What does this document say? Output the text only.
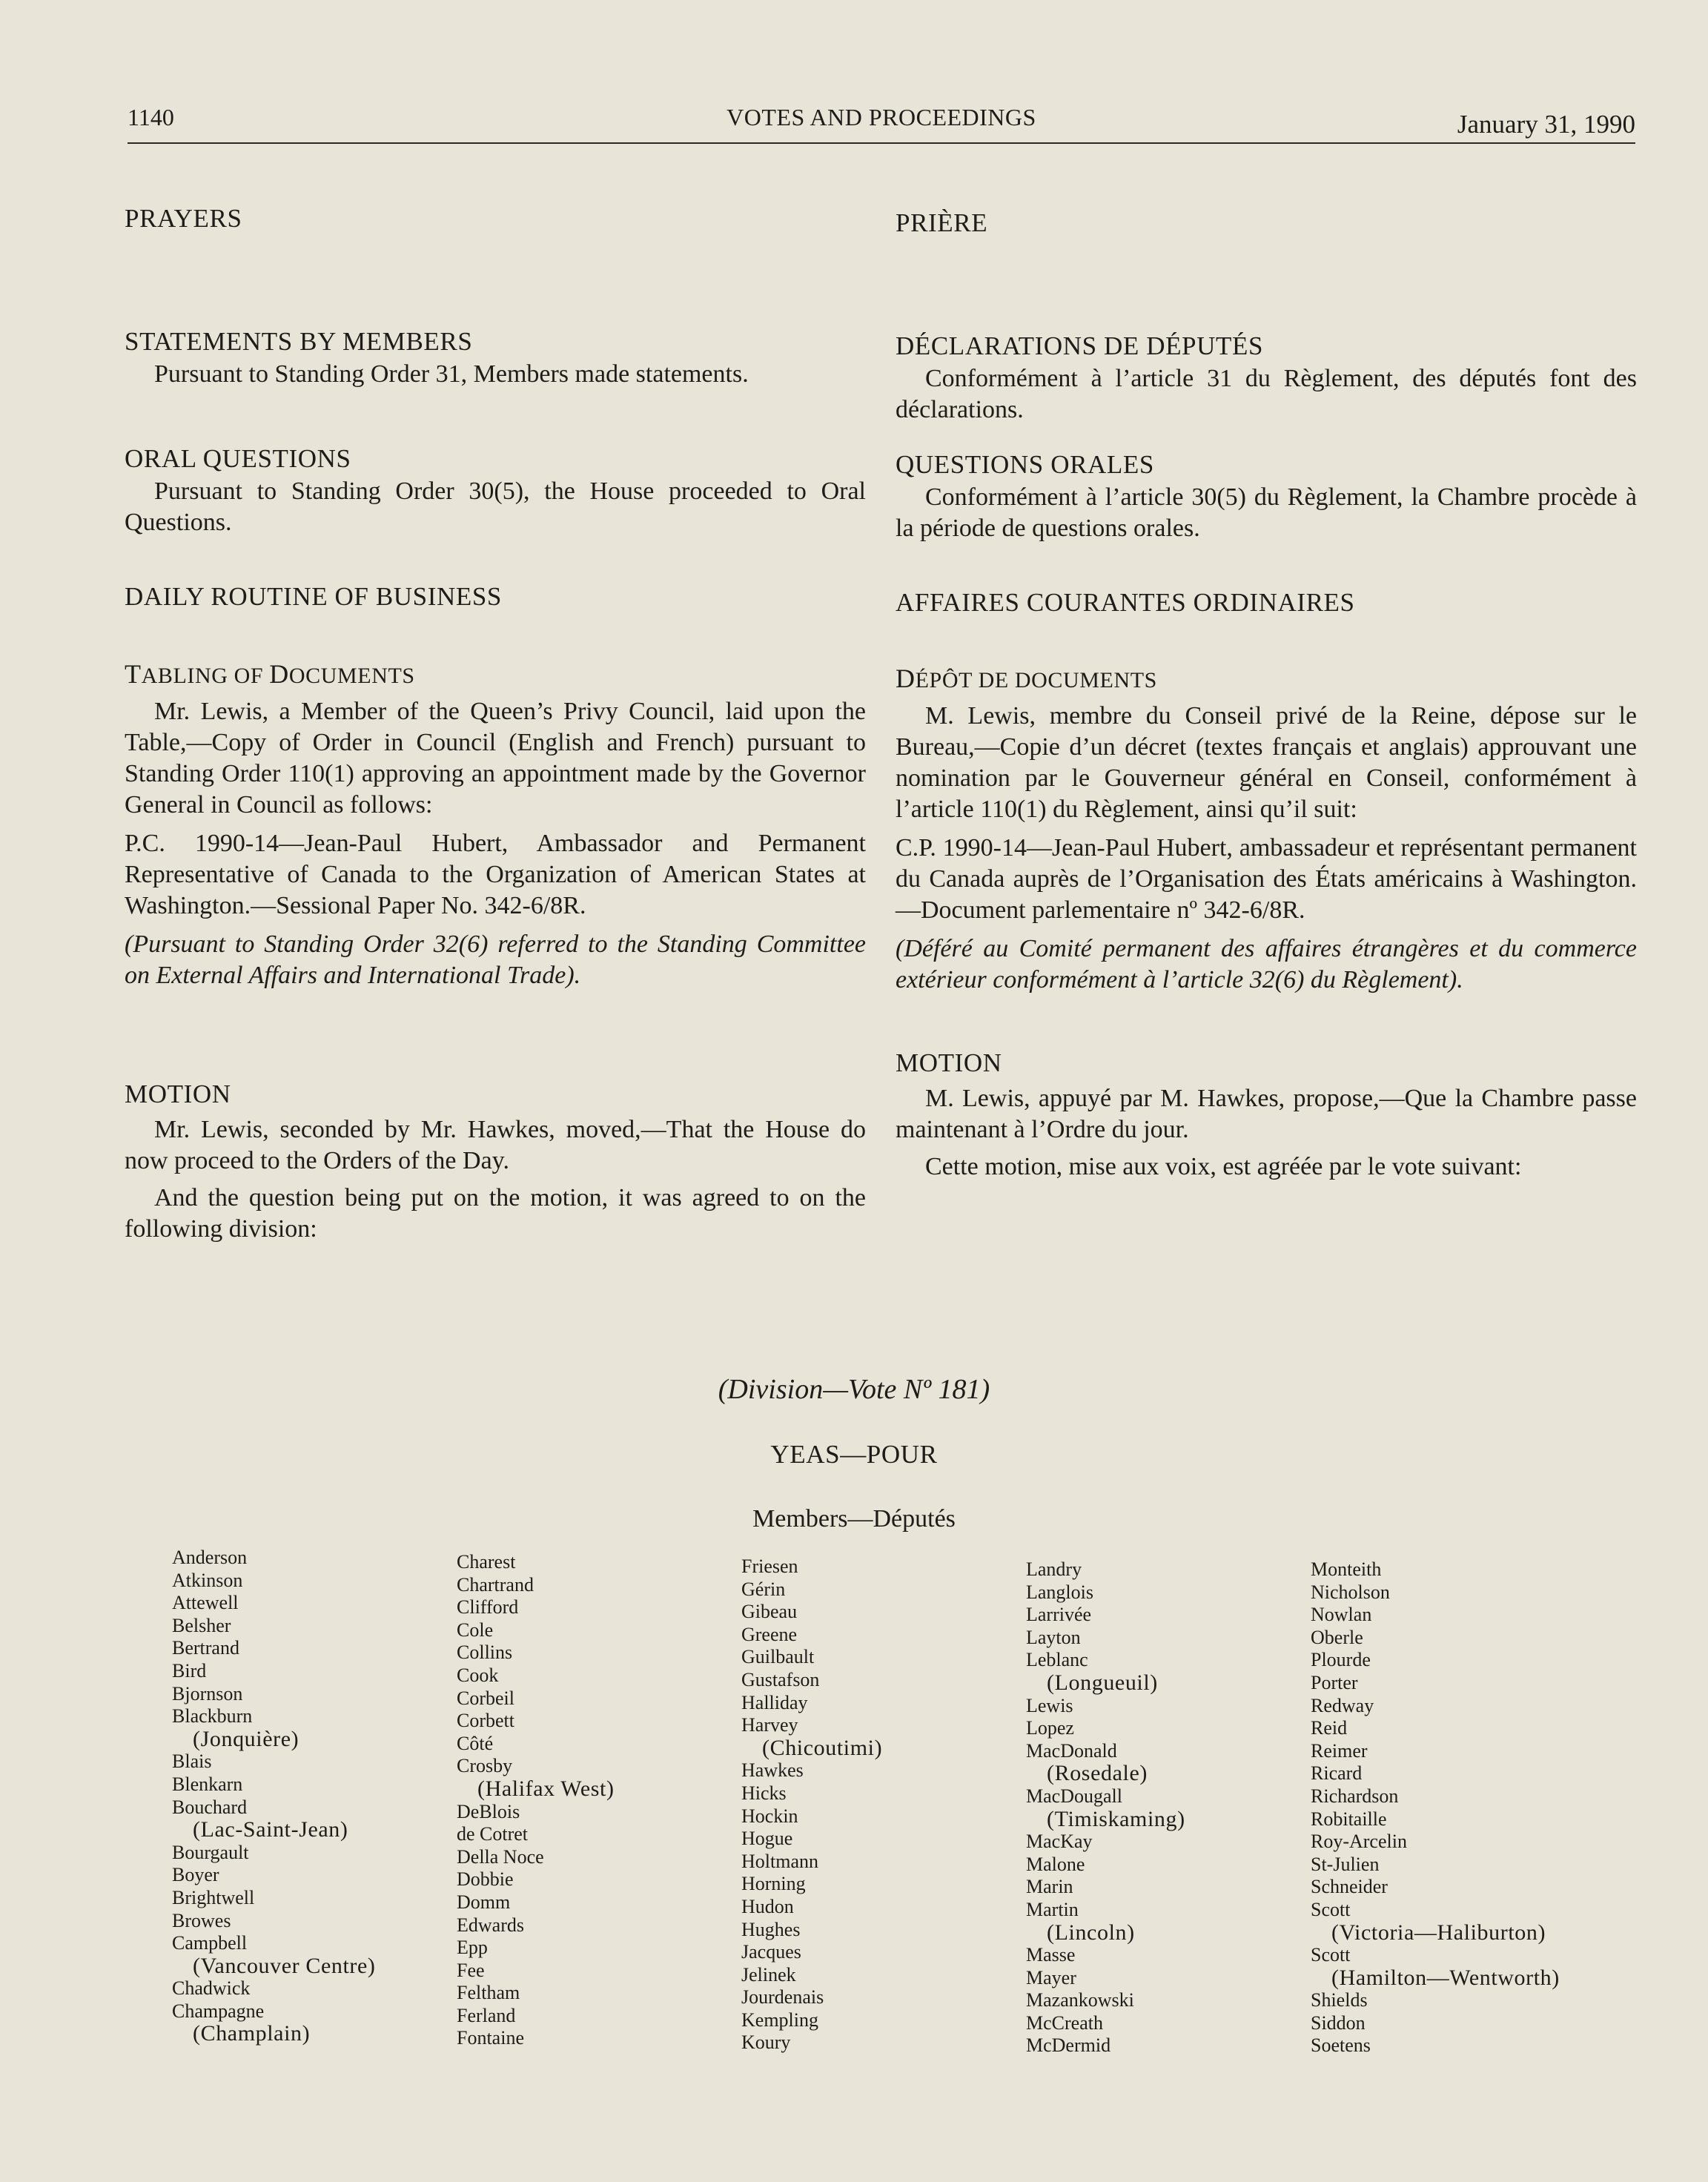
1140	VOTES AND PROCEEDINGS	January 31, 1990
PRAYERS
STATEMENTS BY MEMBERS

Pursuant to Standing Order 31, Members made statements.

ORAL QUESTIONS

Pursuant to Standing Order 30(5), the House proceeded to Oral Questions.

DAILY ROUTINE OF BUSINESS
TABLING OF DOCUMENTS

Mr. Lewis, a Member of the Queen’s Privy Council, laid upon the Table,—Copy of Order in Council (English and French) pursuant to Standing Order 110(1) approving an appointment made by the Governor General in Council as follows:

P.C. 1990-14—Jean-Paul Hubert, Ambassador and Permanent Representative of Canada to the Organization of American States at Washington.—Sessional Paper No. 342-6/8R.

(Pursuant to Standing Order 32(6) referred to the Standing Committee on External Affairs and International Trade).

MOTION

Mr. Lewis, seconded by Mr. Hawkes, moved,—That the House do now proceed to the Orders of the Day.

And the question being put on the motion, it was agreed to on the following division:

PRIÈRE
DÉCLARATIONS DE DÉPUTÉS

Conformément à l’article 31 du Règlement, des députés font des déclarations.

QUESTIONS ORALES

Conformément à l’article 30(5) du Règlement, la Chambre procède à la période de questions orales.

AFFAIRES COURANTES ORDINAIRES
DÉPÔT DE DOCUMENTS

M. Lewis, membre du Conseil privé de la Reine, dépose sur le Bureau,—Copie d’un décret (textes français et anglais) approuvant une nomination par le Gouverneur général en Conseil, conformément à l’article 110(1) du Règlement, ainsi qu’il suit:

C.P. 1990-14—Jean-Paul Hubert, ambassadeur et représentant permanent du Canada auprès de l’Organisation des États américains à Washington.—Document parlementaire nº 342-6/8R.

(Déféré au Comité permanent des affaires étrangères et du commerce extérieur conformément à l’article 32(6) du Règlement).

MOTION

M. Lewis, appuyé par M. Hawkes, propose,—Que la Chambre passe maintenant à l’Ordre du jour.

Cette motion, mise aux voix, est agréée par le vote suivant:

(Division—Vote Nº 181)
YEAS—POUR
Members—Députés
Anderson
Atkinson
Attewell
Belsher
Bertrand
Bird
Bjornson
Blackburn
(Jonquière)
Blais
Blenkarn
Bouchard
(Lac-Saint-Jean)
Bourgault
Boyer
Brightwell
Browes
Campbell
(Vancouver Centre)
Chadwick
Champagne
(Champlain)
Charest
Chartrand
Clifford
Cole
Collins
Cook
Corbeil
Corbett
Côté
Crosby
(Halifax West)
DeBlois
de Cotret
Della Noce
Dobbie
Domm
Edwards
Epp
Fee
Feltham
Ferland
Fontaine
Friesen
Gérin
Gibeau
Greene
Guilbault
Gustafson
Halliday
Harvey
(Chicoutimi)
Hawkes
Hicks
Hockin
Hogue
Holtmann
Horning
Hudon
Hughes
Jacques
Jelinek
Jourdenais
Kempling
Koury
Landry
Langlois
Larrivée
Layton
Leblanc
(Longueuil)
Lewis
Lopez
MacDonald
(Rosedale)
MacDougall
(Timiskaming)
MacKay
Malone
Marin
Martin
(Lincoln)
Masse
Mayer
Mazankowski
McCreath
McDermid
Monteith
Nicholson
Nowlan
Oberle
Plourde
Porter
Redway
Reid
Reimer
Ricard
Richardson
Robitaille
Roy-Arcelin
St-Julien
Schneider
Scott
(Victoria—Haliburton)
Scott
(Hamilton—Wentworth)
Shields
Siddon
Soetens
